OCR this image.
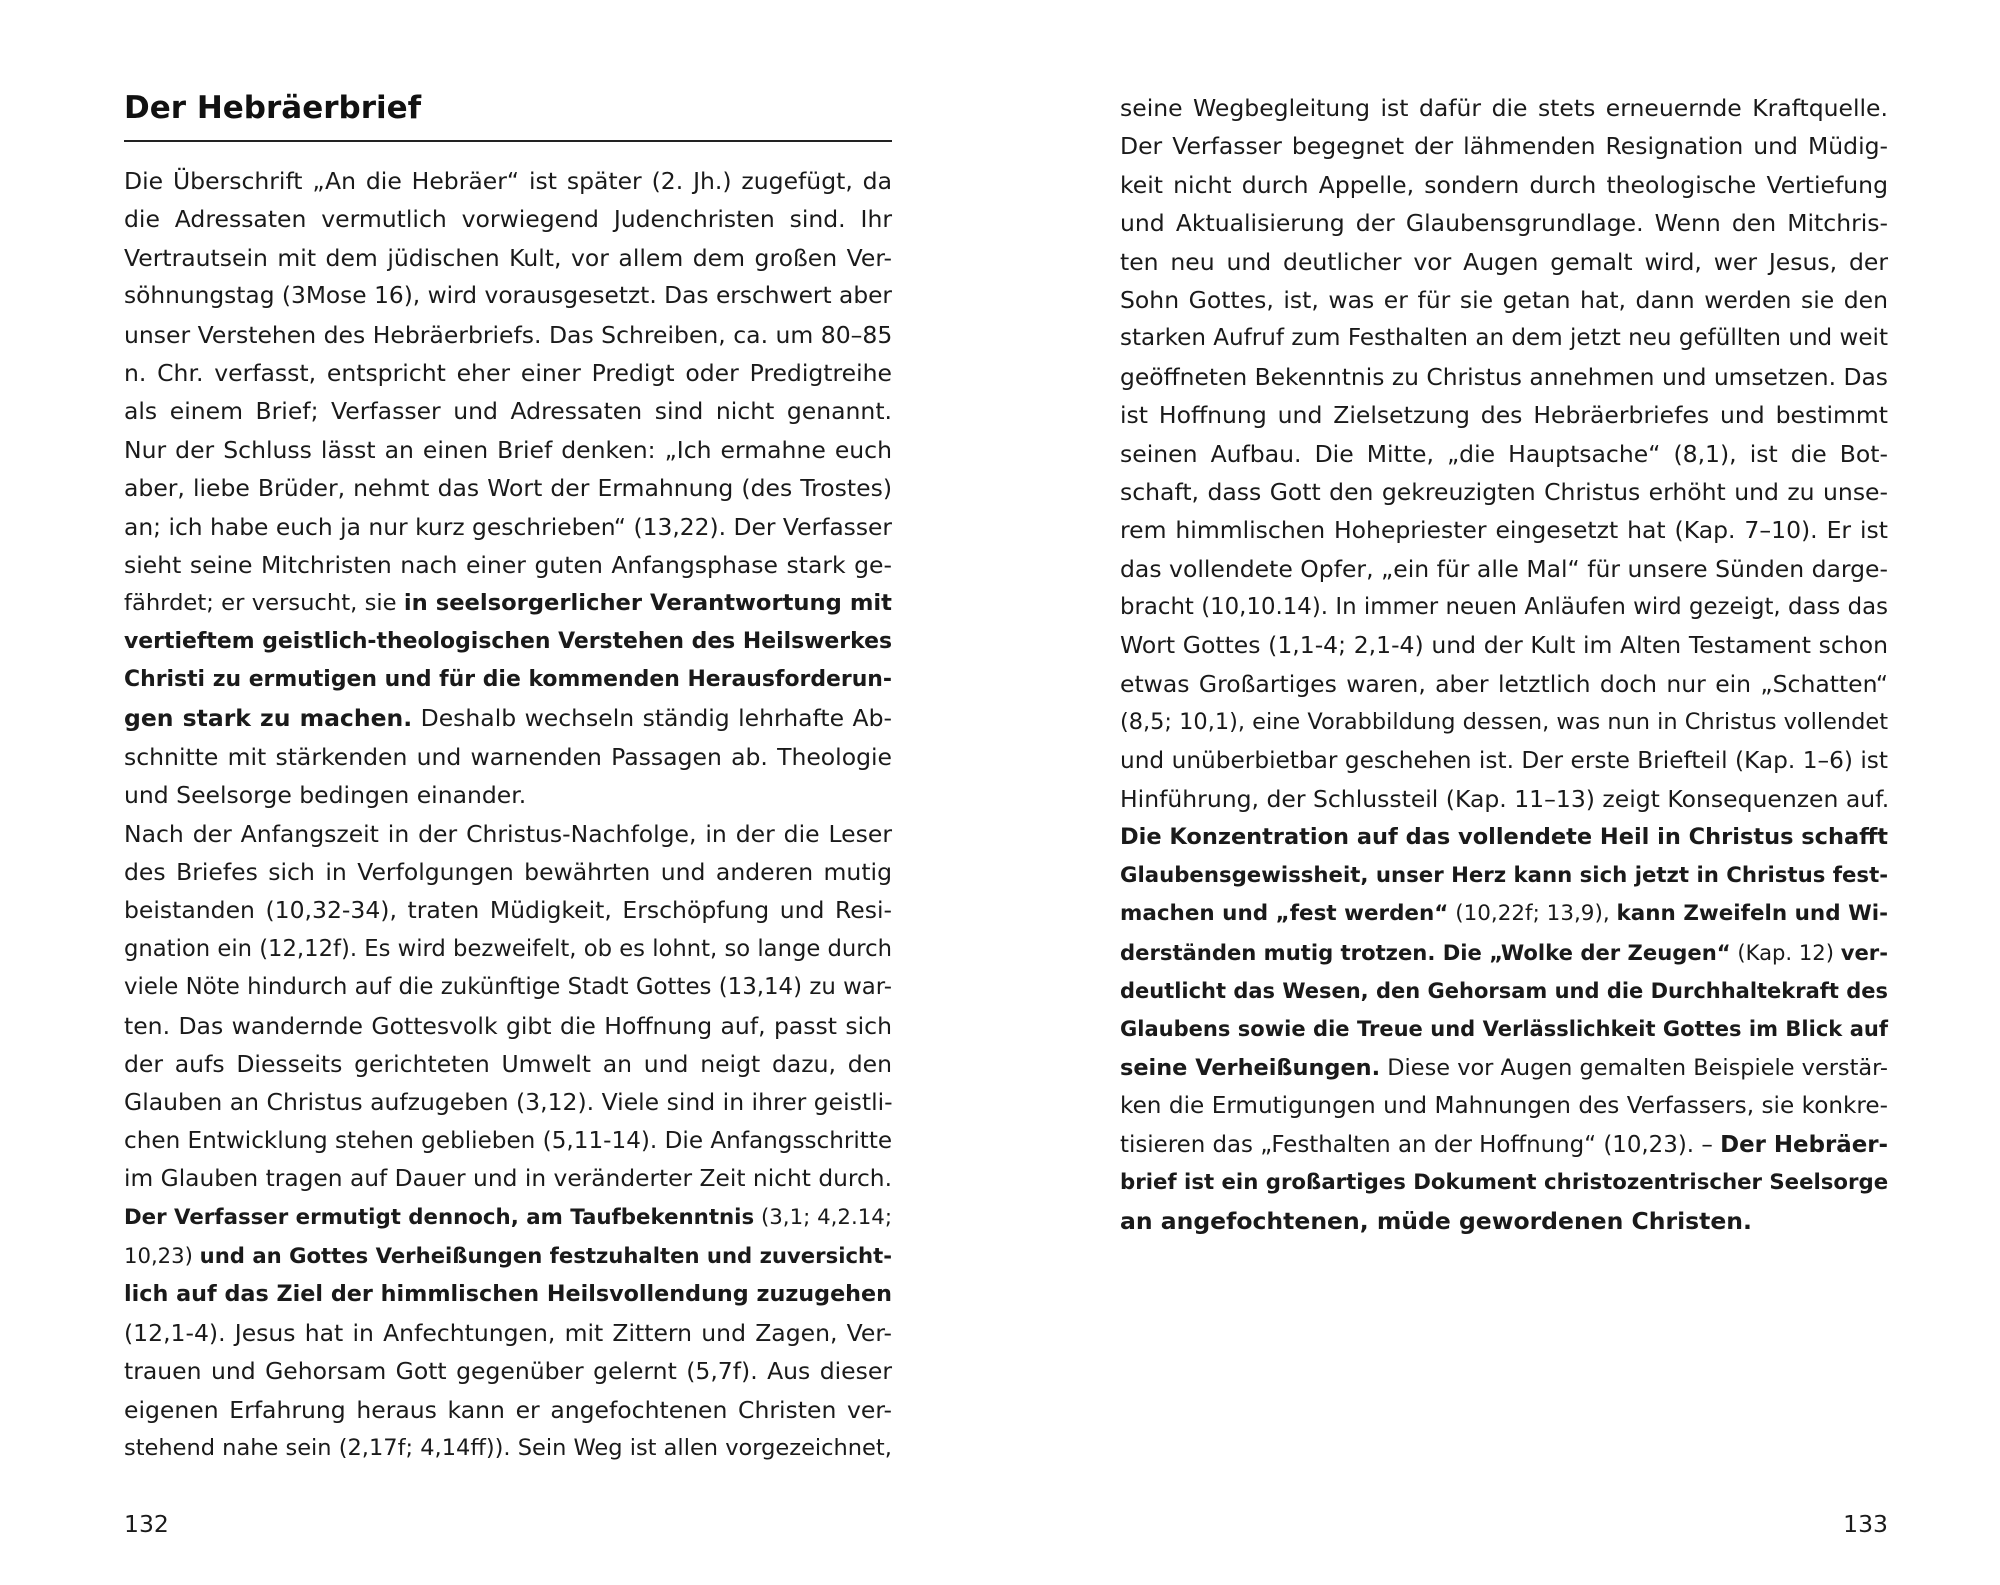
Der Hebräerbrief
Die Überschrift „An die Hebräer“ ist später (2. Jh.) zugefügt, da
die Adressaten vermutlich vorwiegend Judenchristen sind. Ihr
Vertrautsein mit dem jüdischen Kult, vor allem dem großen Ver-
söhnungstag (3Mose 16), wird vorausgesetzt. Das erschwert aber
unser Verstehen des Hebräerbriefs. Das Schreiben, ca. um 80–85
n. Chr. verfasst, entspricht eher einer Predigt oder Predigtreihe
als einem Brief; Verfasser und Adressaten sind nicht genannt.
Nur der Schluss lässt an einen Brief denken: „Ich ermahne euch
aber, liebe Brüder, nehmt das Wort der Ermahnung (des Trostes)
an; ich habe euch ja nur kurz geschrieben“ (13,22). Der Verfasser
sieht seine Mitchristen nach einer guten Anfangsphase stark ge-
fährdet; er versucht, sie in seelsorgerlicher Verantwortung mit
vertieftem geistlich-theologischen Verstehen des Heilswerkes
Christi zu ermutigen und für die kommenden Herausforderun-
gen stark zu machen. Deshalb wechseln ständig lehrhafte Ab-
schnitte mit stärkenden und warnenden Passagen ab. Theologie
und Seelsorge bedingen einander.
Nach der Anfangszeit in der Christus-Nachfolge, in der die Leser
des Briefes sich in Verfolgungen bewährten und anderen mutig
beistanden (10,32-34), traten Müdigkeit, Erschöpfung und Resi-
gnation ein (12,12f). Es wird bezweifelt, ob es lohnt, so lange durch
viele Nöte hindurch auf die zukünftige Stadt Gottes (13,14) zu war-
ten. Das wandernde Gottesvolk gibt die Hoffnung auf, passt sich
der aufs Diesseits gerichteten Umwelt an und neigt dazu, den
Glauben an Christus aufzugeben (3,12). Viele sind in ihrer geistli-
chen Entwicklung stehen geblieben (5,11-14). Die Anfangsschritte
im Glauben tragen auf Dauer und in veränderter Zeit nicht durch.
Der Verfasser ermutigt dennoch, am Taufbekenntnis (3,1; 4,2.14;
10,23) und an Gottes Verheißungen festzuhalten und zuversicht-
lich auf das Ziel der himmlischen Heilsvollendung zuzugehen
(12,1-4). Jesus hat in Anfechtungen, mit Zittern und Zagen, Ver-
trauen und Gehorsam Gott gegenüber gelernt (5,7f). Aus dieser
eigenen Erfahrung heraus kann er angefochtenen Christen ver-
stehend nahe sein (2,17f; 4,14ff)). Sein Weg ist allen vorgezeichnet,
132
seine Wegbegleitung ist dafür die stets erneuernde Kraftquelle.
Der Verfasser begegnet der lähmenden Resignation und Müdig-
keit nicht durch Appelle, sondern durch theologische Vertiefung
und Aktualisierung der Glaubensgrundlage. Wenn den Mitchris-
ten neu und deutlicher vor Augen gemalt wird, wer Jesus, der
Sohn Gottes, ist, was er für sie getan hat, dann werden sie den
starken Aufruf zum Festhalten an dem jetzt neu gefüllten und weit
geöffneten Bekenntnis zu Christus annehmen und umsetzen. Das
ist Hoffnung und Zielsetzung des Hebräerbriefes und bestimmt
seinen Aufbau. Die Mitte, „die Hauptsache“ (8,1), ist die Bot-
schaft, dass Gott den gekreuzigten Christus erhöht und zu unse-
rem himmlischen Hohepriester eingesetzt hat (Kap. 7–10). Er ist
das vollendete Opfer, „ein für alle Mal“ für unsere Sünden darge-
bracht (10,10.14). In immer neuen Anläufen wird gezeigt, dass das
Wort Gottes (1,1-4; 2,1-4) und der Kult im Alten Testament schon
etwas Großartiges waren, aber letztlich doch nur ein „Schatten“
(8,5; 10,1), eine Vorabbildung dessen, was nun in Christus vollendet
und unüberbietbar geschehen ist. Der erste Briefteil (Kap. 1–6) ist
Hinführung, der Schlussteil (Kap. 11–13) zeigt Konsequenzen auf.
Die Konzentration auf das vollendete Heil in Christus schafft
Glaubensgewissheit, unser Herz kann sich jetzt in Christus fest-
machen und „fest werden“ (10,22f; 13,9), kann Zweifeln und Wi-
derständen mutig trotzen. Die „Wolke der Zeugen“ (Kap. 12) ver-
deutlicht das Wesen, den Gehorsam und die Durchhaltekraft des
Glaubens sowie die Treue und Verlässlichkeit Gottes im Blick auf
seine Verheißungen. Diese vor Augen gemalten Beispiele verstär-
ken die Ermutigungen und Mahnungen des Verfassers, sie konkre-
tisieren das „Festhalten an der Hoffnung“ (10,23). – Der Hebräer-
brief ist ein großartiges Dokument christozentrischer Seelsorge
an angefochtenen, müde gewordenen Christen.
133
